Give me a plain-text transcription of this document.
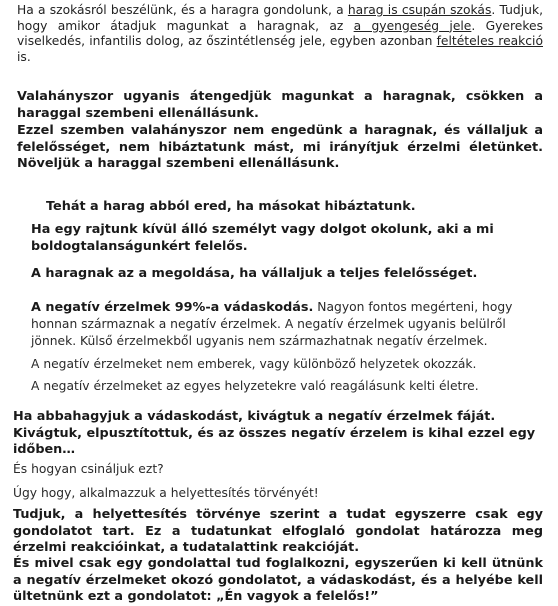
Ha a szokásról beszélünk, és a haragra gondolunk, a harag is csupán szokás. Tudjuk, hogy amikor átadjuk magunkat a haragnak, az a gyengeség jele. Gyerekes viselkedés, infantilis dolog, az őszintétlenség jele, egyben azonban feltételes reakció is.

Valahányszor ugyanis átengedjük magunkat a haragnak, csökken a haraggal szembeni ellenállásunk.

Ezzel szemben valahányszor nem engedünk a haragnak, és vállaljuk a felelősséget, nem hibáztatunk mást, mi irányítjuk érzelmi életünket. Növeljük a haraggal szembeni ellenállásunk.

Tehát a harag abból ered, ha másokat hibáztatunk.

Ha egy rajtunk kívül álló személyt vagy dolgot okolunk, aki a mi boldogtalanságunkért felelős.

A haragnak az a megoldása, ha vállaljuk a teljes felelősséget.

A negatív érzelmek 99%-a vádaskodás. Nagyon fontos megérteni, hogy honnan származnak a negatív érzelmek. A negatív érzelmek ugyanis belülről jönnek. Külső érzelmekből ugyanis nem származhatnak negatív érzelmek.

A negatív érzelmeket nem emberek, vagy különböző helyzetek okozzák.

A negatív érzelmeket az egyes helyzetekre való reagálásunk kelti életre.

Ha abbahagyjuk a vádaskodást, kivágtuk a negatív érzelmek fáját. Kivágtuk, elpusztítottuk, és az összes negatív érzelem is kihal ezzel egy időben…

És hogyan csináljuk ezt?

Úgy hogy, alkalmazzuk a helyettesítés törvényét!

Tudjuk, a helyettesítés törvénye szerint a tudat egyszerre csak egy gondolatot tart. Ez a tudatunkat elfoglaló gondolat határozza meg érzelmi reakcióinkat, a tudatalattink reakcióját.

És mivel csak egy gondolattal tud foglalkozni, egyszerűen ki kell ütnünk a negatív érzelmeket okozó gondolatot, a vádaskodást, és a helyébe kell ültetnünk ezt a gondolatot: „Én vagyok a felelős!”
